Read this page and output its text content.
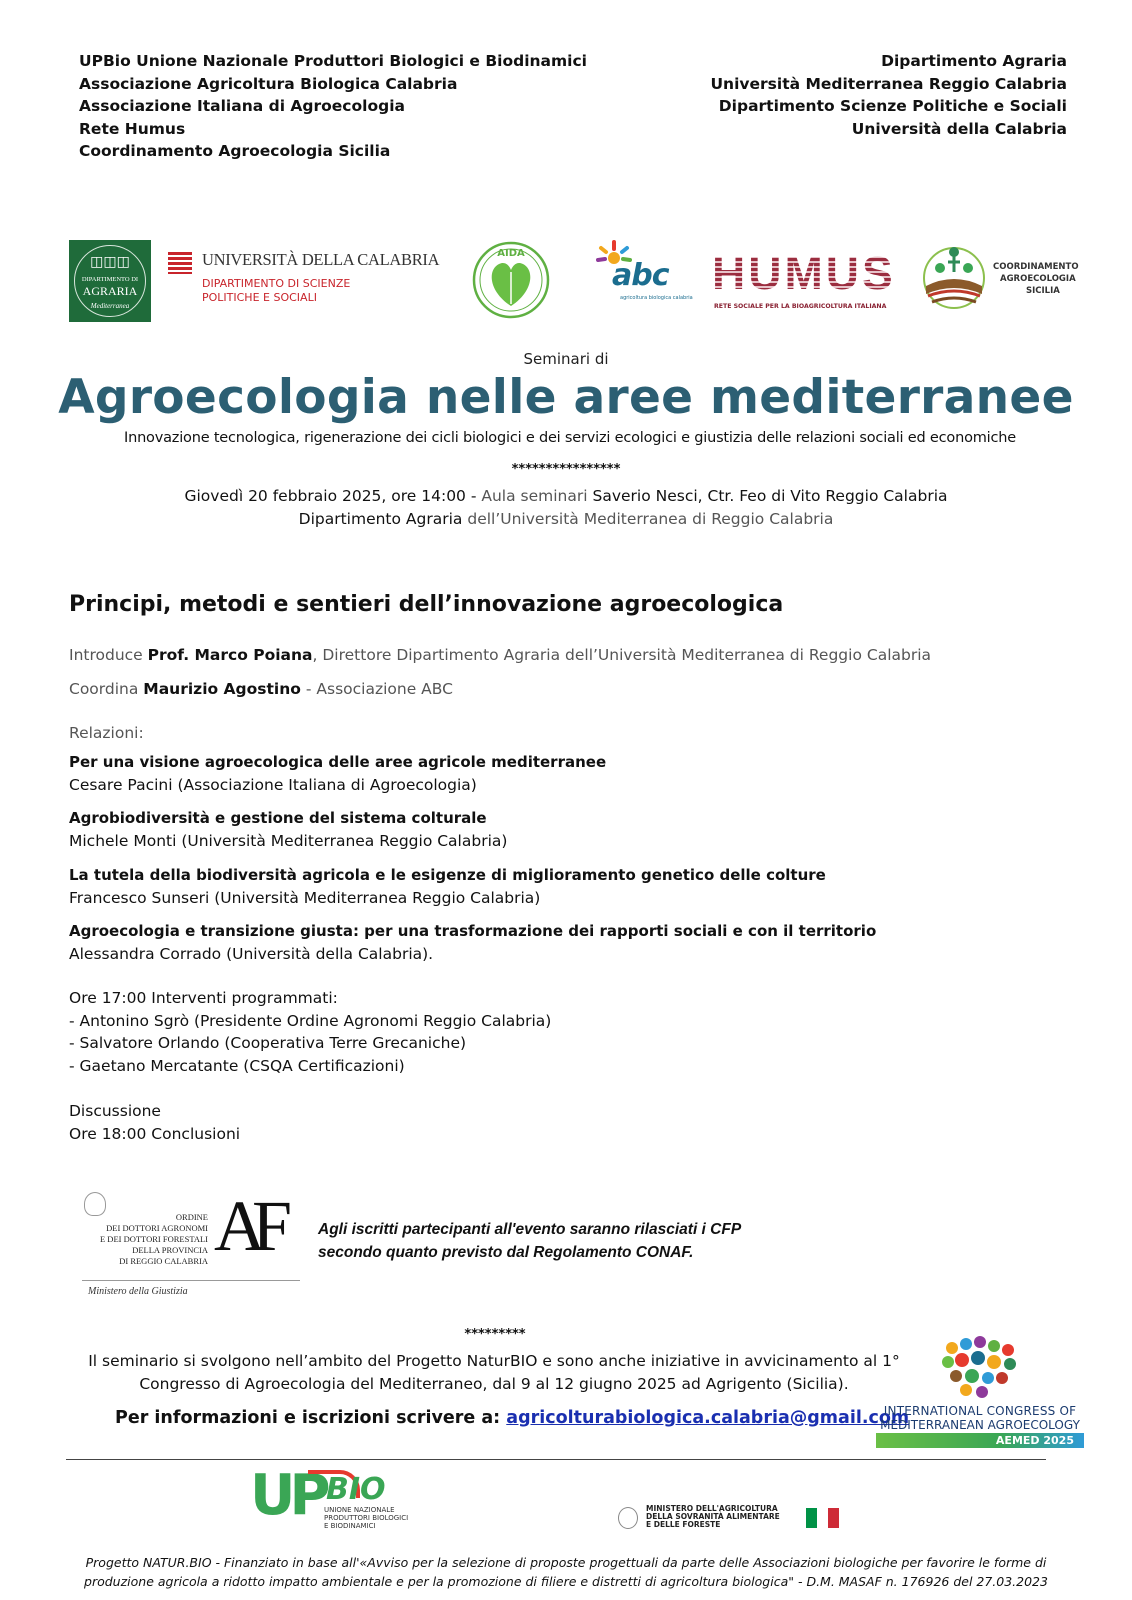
UPBio Unione Nazionale Produttori Biologici e Biodinamici
Associazione Agricoltura Biologica Calabria
Associazione Italiana di Agroecologia
Rete Humus
Coordinamento Agroecologia Sicilia
Dipartimento Agraria
Università Mediterranea Reggio Calabria
Dipartimento Scienze Politiche e Sociali
Università della Calabria
◫◫◫
DIPARTIMENTO DI
AGRARIA
Mediterranea
UNIVERSITÀ DELLA CALABRIA
DIPARTIMENTO DI SCIENZE
POLITICHE E SOCIALI
AIDA
abc
agricoltura biologica calabria HUMUS
RETE SOCIALE PER LA BIOAGRICOLTURA ITALIANA
COORDINAMENTO
AGROECOLOGIA
SICILIA
Seminari di
Agroecologia nelle aree mediterranee
Innovazione tecnologica, rigenerazione dei cicli biologici e dei servizi ecologici e giustizia delle relazioni sociali ed economiche
****************
Giovedì 20 febbraio 2025, ore 14:00 - Aula seminari Saverio Nesci, Ctr. Feo di Vito Reggio Calabria
Dipartimento Agraria dell’Università Mediterranea di Reggio Calabria
Principi, metodi e sentieri dell’innovazione agroecologica
Introduce Prof. Marco Poiana, Direttore Dipartimento Agraria dell’Università Mediterranea di Reggio Calabria
Coordina Maurizio Agostino - Associazione ABC
Relazioni:
Per una visione agroecologica delle aree agricole mediterranee
Cesare Pacini (Associazione Italiana di Agroecologia)
Agrobiodiversità e gestione del sistema colturale
Michele Monti (Università Mediterranea Reggio Calabria)
La tutela della biodiversità agricola e le esigenze di miglioramento genetico delle colture
Francesco Sunseri (Università Mediterranea Reggio Calabria)
Agroecologia e transizione giusta: per una trasformazione dei rapporti sociali e con il territorio
Alessandra Corrado (Università della Calabria).
Ore 17:00 Interventi programmati:
- Antonino Sgrò (Presidente Ordine Agronomi Reggio Calabria)
- Salvatore Orlando (Cooperativa Terre Grecaniche)
- Gaetano Mercatante (CSQA Certificazioni)
Discussione
Ore 18:00 Conclusioni
ORDINE
DEI DOTTORI AGRONOMI
E DEI DOTTORI FORESTALI
DELLA PROVINCIA
DI REGGIO CALABRIA AF
Ministero della Giustizia
Agli iscritti partecipanti all'evento saranno rilasciati i CFP
secondo quanto previsto dal Regolamento CONAF.
*********
Il seminario si svolgono nell’ambito del Progetto NaturBIO e sono anche iniziative in avvicinamento al 1°
Congresso di Agroecologia del Mediterraneo, dal 9 al 12 giugno 2025 ad Agrigento (Sicilia).
Per informazioni e iscrizioni scrivere a: agricolturabiologica.calabria@gmail.com
INTERNATIONAL CONGRESS OF
MEDITERRANEAN AGROECOLOGY
AEMED 2025
UP BIO
UNIONE NAZIONALE
PRODUTTORI BIOLOGICI
E BIODINAMICI
MINISTERO DELL'AGRICOLTURA
DELLA SOVRANITÀ ALIMENTARE
E DELLE FORESTE
Progetto NATUR.BIO - Finanziato in base all'«Avviso per la selezione di proposte progettuali da parte delle Associazioni biologiche per favorire le forme di
produzione agricola a ridotto impatto ambientale e per la promozione di filiere e distretti di agricoltura biologica" - D.M. MASAF n. 176926 del 27.03.2023
